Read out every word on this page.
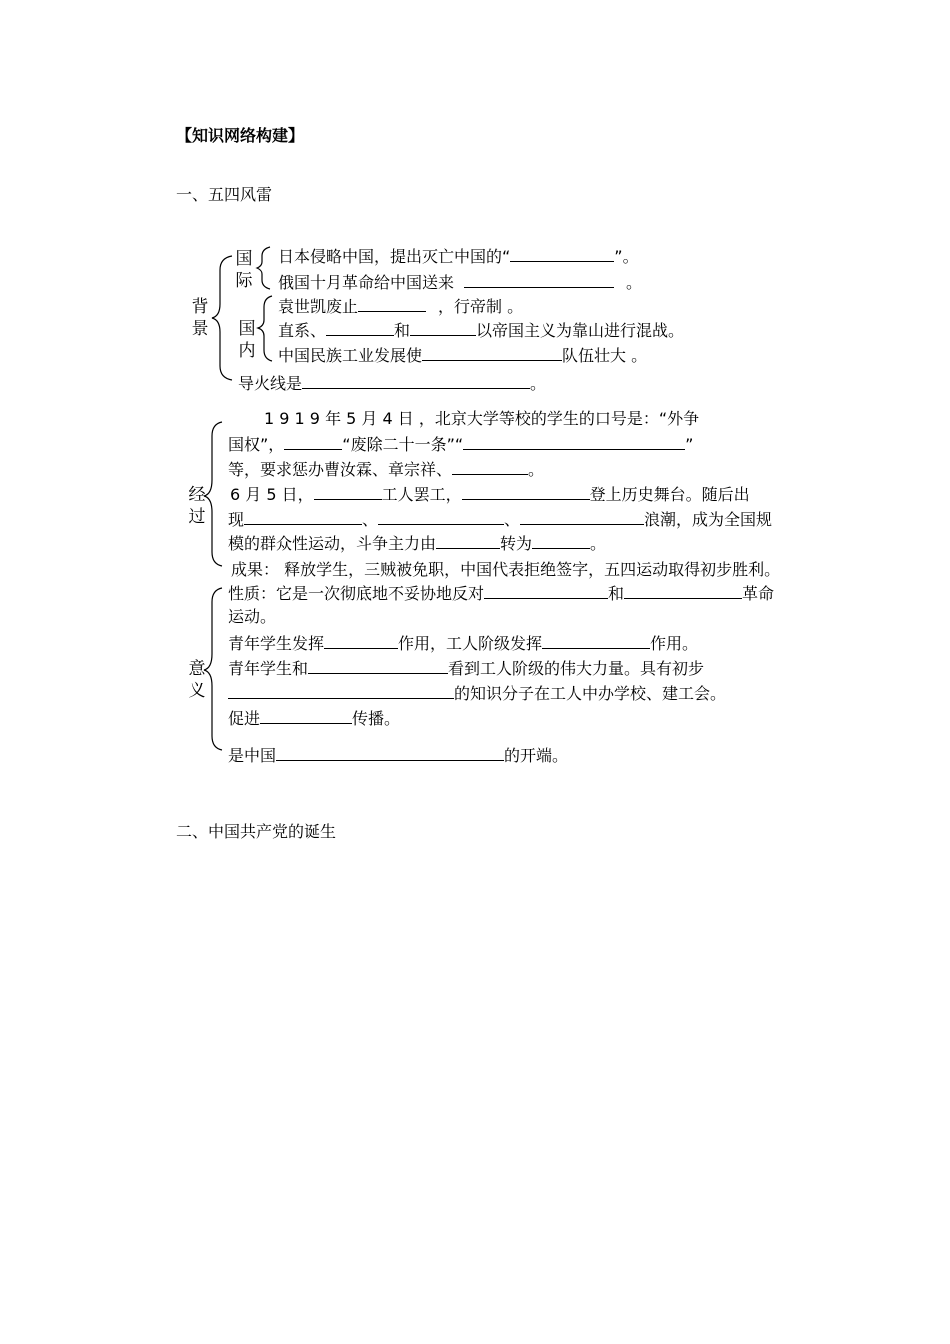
【知识网络构建】
一、五四风雷
背
景
国
际
国
内
经
过
意
义
日本侵略中国，提出灭亡中国的“	”。
俄国十月革命给中国送来	。
袁世凯废止	，行帝制 。
直系、	和	以帝国主义为靠山进行混战。
中国民族工业发展使	队伍壮大 。
导火线是	。
1 9 1 9 年 5 月 4 日 ，北京大学等校的学生的口号是：“外争
国权”，	“废除二十一条”“	”
等，要求惩办曹汝霖、章宗祥、	。
6 月 5 日，	工人罢工，	登上历史舞台。随后出
现	、	、	浪潮，成为全国规
模的群众性运动，斗争主力由	转为	。
成果： 释放学生，三贼被免职，中国代表拒绝签字，五四运动取得初步胜利。
性质：它是一次彻底地不妥协地反对	和	革命
运动。
青年学生发挥	作用，工人阶级发挥	作用。
青年学生和	看到工人阶级的伟大力量。具有初步
的知识分子在工人中办学校、建工会。
促进	传播。
是中国	的开端。
二、中国共产党的诞生
